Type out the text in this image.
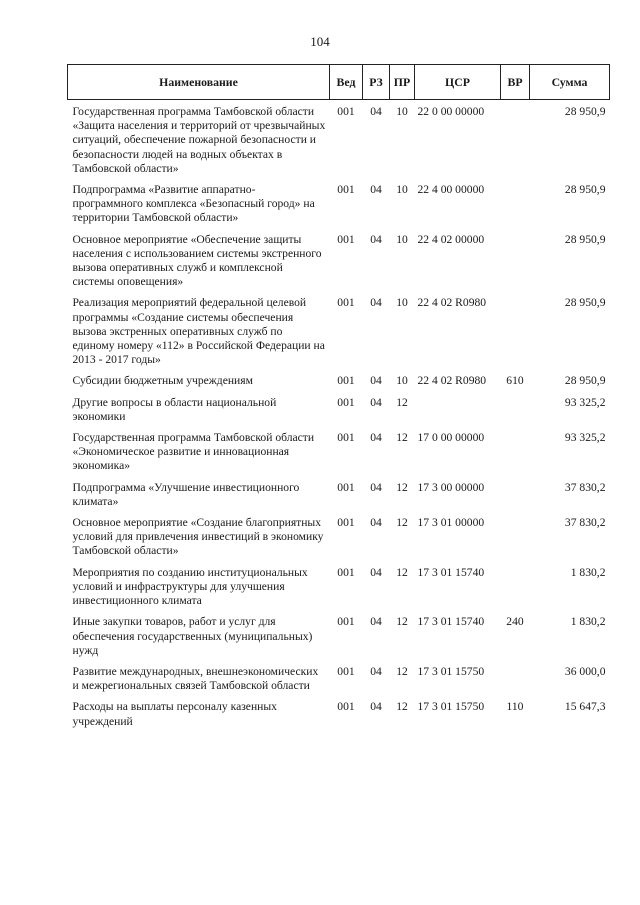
104
Наименование	Вед	РЗ	ПР	ЦСР	ВР	Сумма
Государственная программа Тамбовской области «Защита населения и территорий от чрезвычайных ситуаций, обеспечение пожарной безопасности и безопасности людей на водных объектах в Тамбовской области»	001	04	10	22 0 00 00000		28 950,9
Подпрограмма «Развитие аппаратно-программного комплекса «Безопасный город» на территории Тамбовской области»	001	04	10	22 4 00 00000		28 950,9
Основное мероприятие «Обеспечение защиты населения с использованием системы экстренного вызова оперативных служб и комплексной системы оповещения»	001	04	10	22 4 02 00000		28 950,9
Реализация мероприятий федеральной целевой программы «Создание системы обеспечения вызова экстренных оперативных служб по единому номеру «112» в Российской Федерации на 2013 - 2017 годы»	001	04	10	22 4 02 R0980		28 950,9
Субсидии бюджетным учреждениям	001	04	10	22 4 02 R0980	610	28 950,9
Другие вопросы в области национальной экономики	001	04	12			93 325,2
Государственная программа Тамбовской области «Экономическое развитие и инновационная экономика»	001	04	12	17 0 00 00000		93 325,2
Подпрограмма «Улучшение инвестиционного климата»	001	04	12	17 3 00 00000		37 830,2
Основное мероприятие «Создание благоприятных условий для привлечения инвестиций в экономику Тамбовской области»	001	04	12	17 3 01 00000		37 830,2
Мероприятия по созданию институциональных условий и инфраструктуры для улучшения инвестиционного климата	001	04	12	17 3 01 15740		1 830,2
Иные закупки товаров, работ и услуг для обеспечения государственных (муниципальных) нужд	001	04	12	17 3 01 15740	240	1 830,2
Развитие международных, внешнеэкономических и межрегиональных связей Тамбовской области	001	04	12	17 3 01 15750		36 000,0
Расходы на выплаты персоналу казенных учреждений	001	04	12	17 3 01 15750	110	15 647,3
